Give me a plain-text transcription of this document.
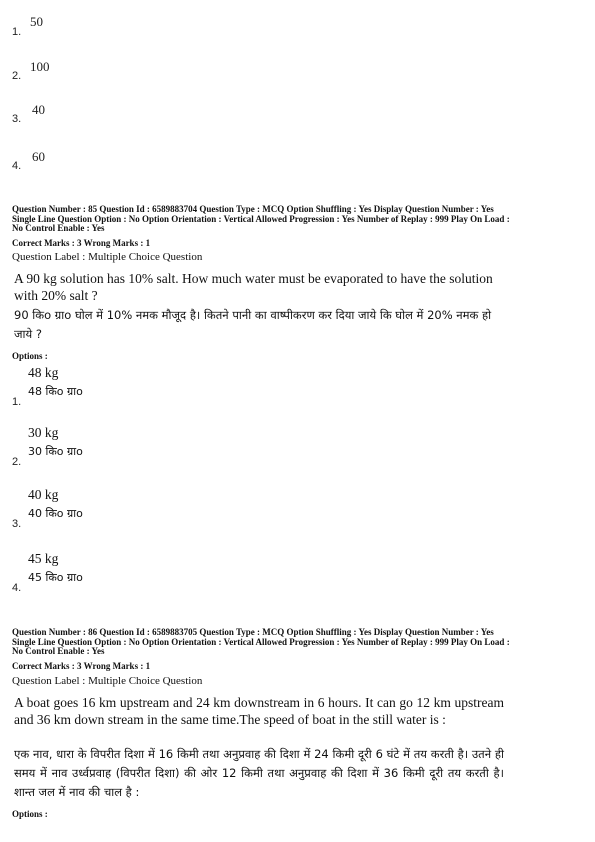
50
1.
100
2.
40
3.
60
4.
Question Number : 85 Question Id : 6589883704 Question Type : MCQ Option Shuffling : Yes Display Question Number : Yes
Single Line Question Option : No Option Orientation : Vertical Allowed Progression : Yes Number of Replay : 999 Play On Load :
No Control Enable : Yes
Correct Marks : 3 Wrong Marks : 1
Question Label : Multiple Choice Question
A 90 kg solution has 10% salt. How much water must be evaporated to have the solution with 20% salt ?
90 किo ग्राo घोल में 10% नमक मौजूद है। कितने पानी का वाष्पीकरण कर दिया जाये कि घोल में 20% नमक हो जाये ?
Options :
48 kg
48 किo ग्राo
1.
30 kg
30 किo ग्राo
2.
40 kg
40 किo ग्राo
3.
45 kg
45 किo ग्राo
4.
Question Number : 86 Question Id : 6589883705 Question Type : MCQ Option Shuffling : Yes Display Question Number : Yes
Single Line Question Option : No Option Orientation : Vertical Allowed Progression : Yes Number of Replay : 999 Play On Load :
No Control Enable : Yes
Correct Marks : 3 Wrong Marks : 1
Question Label : Multiple Choice Question
A boat goes 16 km upstream and 24 km downstream in 6 hours. It can go 12 km upstream and 36 km down stream in the same time.The speed of boat in the still water is :
एक नाव, धारा के विपरीत दिशा में 16 किमी तथा अनुप्रवाह की दिशा में 24 किमी दूरी 6 घंटे में तय करती है। उतने ही समय में नाव उर्ध्वप्रवाह (विपरीत दिशा) की ओर 12 किमी तथा अनुप्रवाह की दिशा में 36 किमी दूरी तय करती है। शान्त जल में नाव की चाल है :
Options :
